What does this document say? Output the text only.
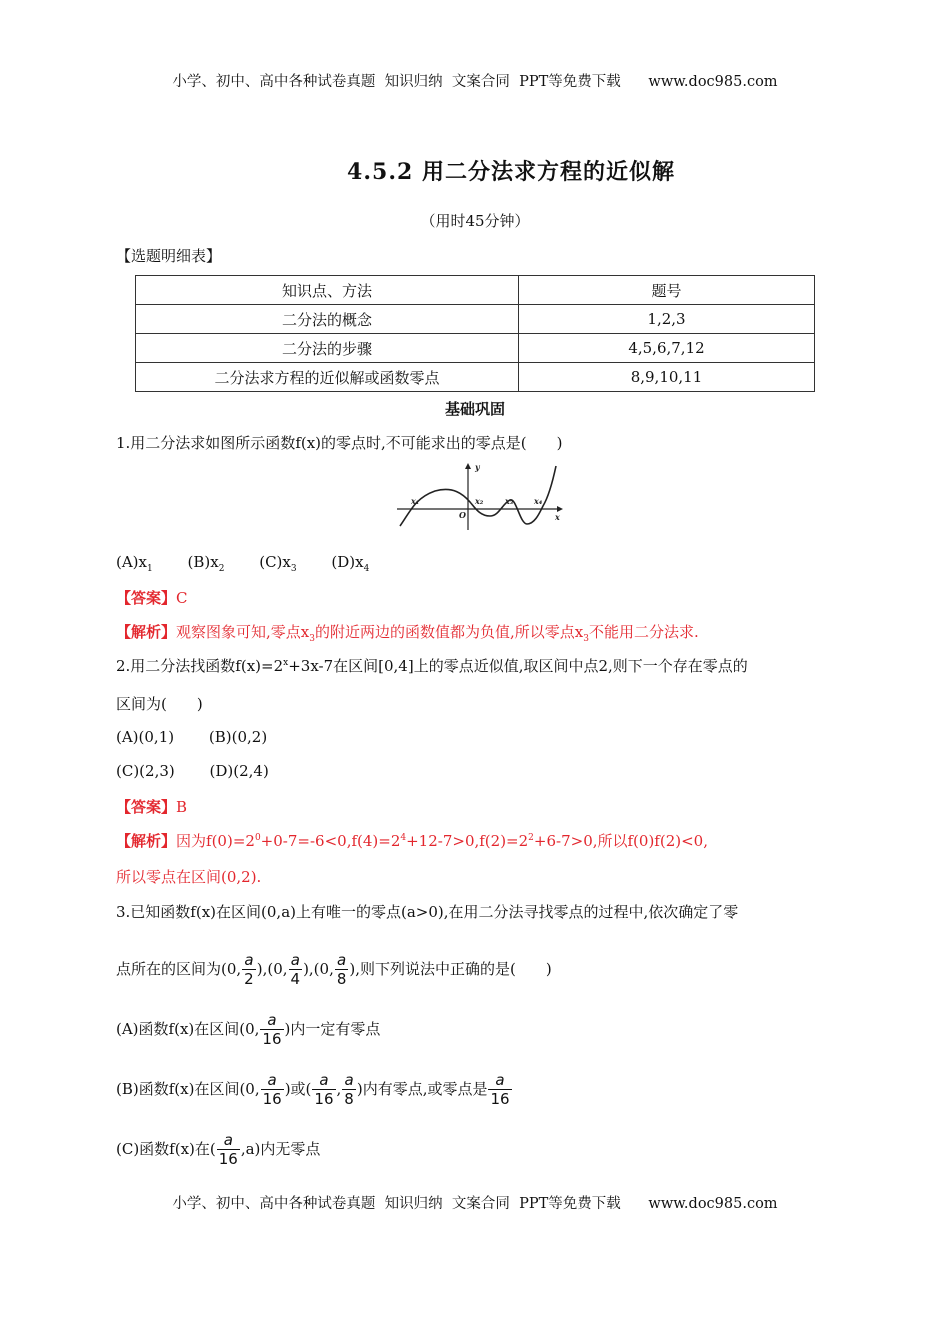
小学、初中、高中各种试卷真题  知识归纳  文案合同  PPT等免费下载      www.doc985.com
4.5.2 用二分法求方程的近似解
（用时45分钟）
【选题明细表】
知识点、方法	题号
二分法的概念	1,2,3
二分法的步骤	4,5,6,7,12
二分法求方程的近似解或函数零点	8,9,10,11
基础巩固
1.用二分法求如图所示函数f(x)的零点时,不可能求出的零点是(　　)
y
x
O
x₁	x₂	x₃	x₄
$(A)x_1$ $(B)x_2$ $(C)x_3$ $(D)x_4$
【答案】C
【解析】观察图象可知,零点$x_3$的附近两边的函数值都为负值,所以零点$x_3$不能用二分法求.
2.用二分法找函数$f(x)=2^x+3x-7$在区间[0,4]上的零点近似值,取区间中点2,则下一个存在零点的
区间为(　　)
(A)(0,1) (B)(0,2)
(C)(2,3) (D)(2,4)
【答案】B
【解析】因为$f(0)=2^0+0-7=-6<0,f(4)=2^4+12-7>0,f(2)=2^2+6-7>0$,所以f(0)f(2)<0,
所以零点在区间(0,2).
3.已知函数f(x)在区间(0,a)上有唯一的零点(a>0),在用二分法寻找零点的过程中,依次确定了零
点所在的区间为(0, $\frac{a}{2} ),(0$, $\frac{a}{4} ),(0$, $\frac{a}{8}$ ),则下列说法中正确的是(　　)
(A)函数f(x)在区间(0, $\frac{a}{16}$ )内一定有零点
(B)函数f(x)在区间(0, $\frac{a}{16}$ )或( $\frac{a}{16}$ , $\frac{a}{8}$ )内有零点,或零点是 $\frac{a}{16}$
(C)函数f(x)在( $\frac{a}{16} ,a$)内无零点
小学、初中、高中各种试卷真题  知识归纳  文案合同  PPT等免费下载      www.doc985.com
